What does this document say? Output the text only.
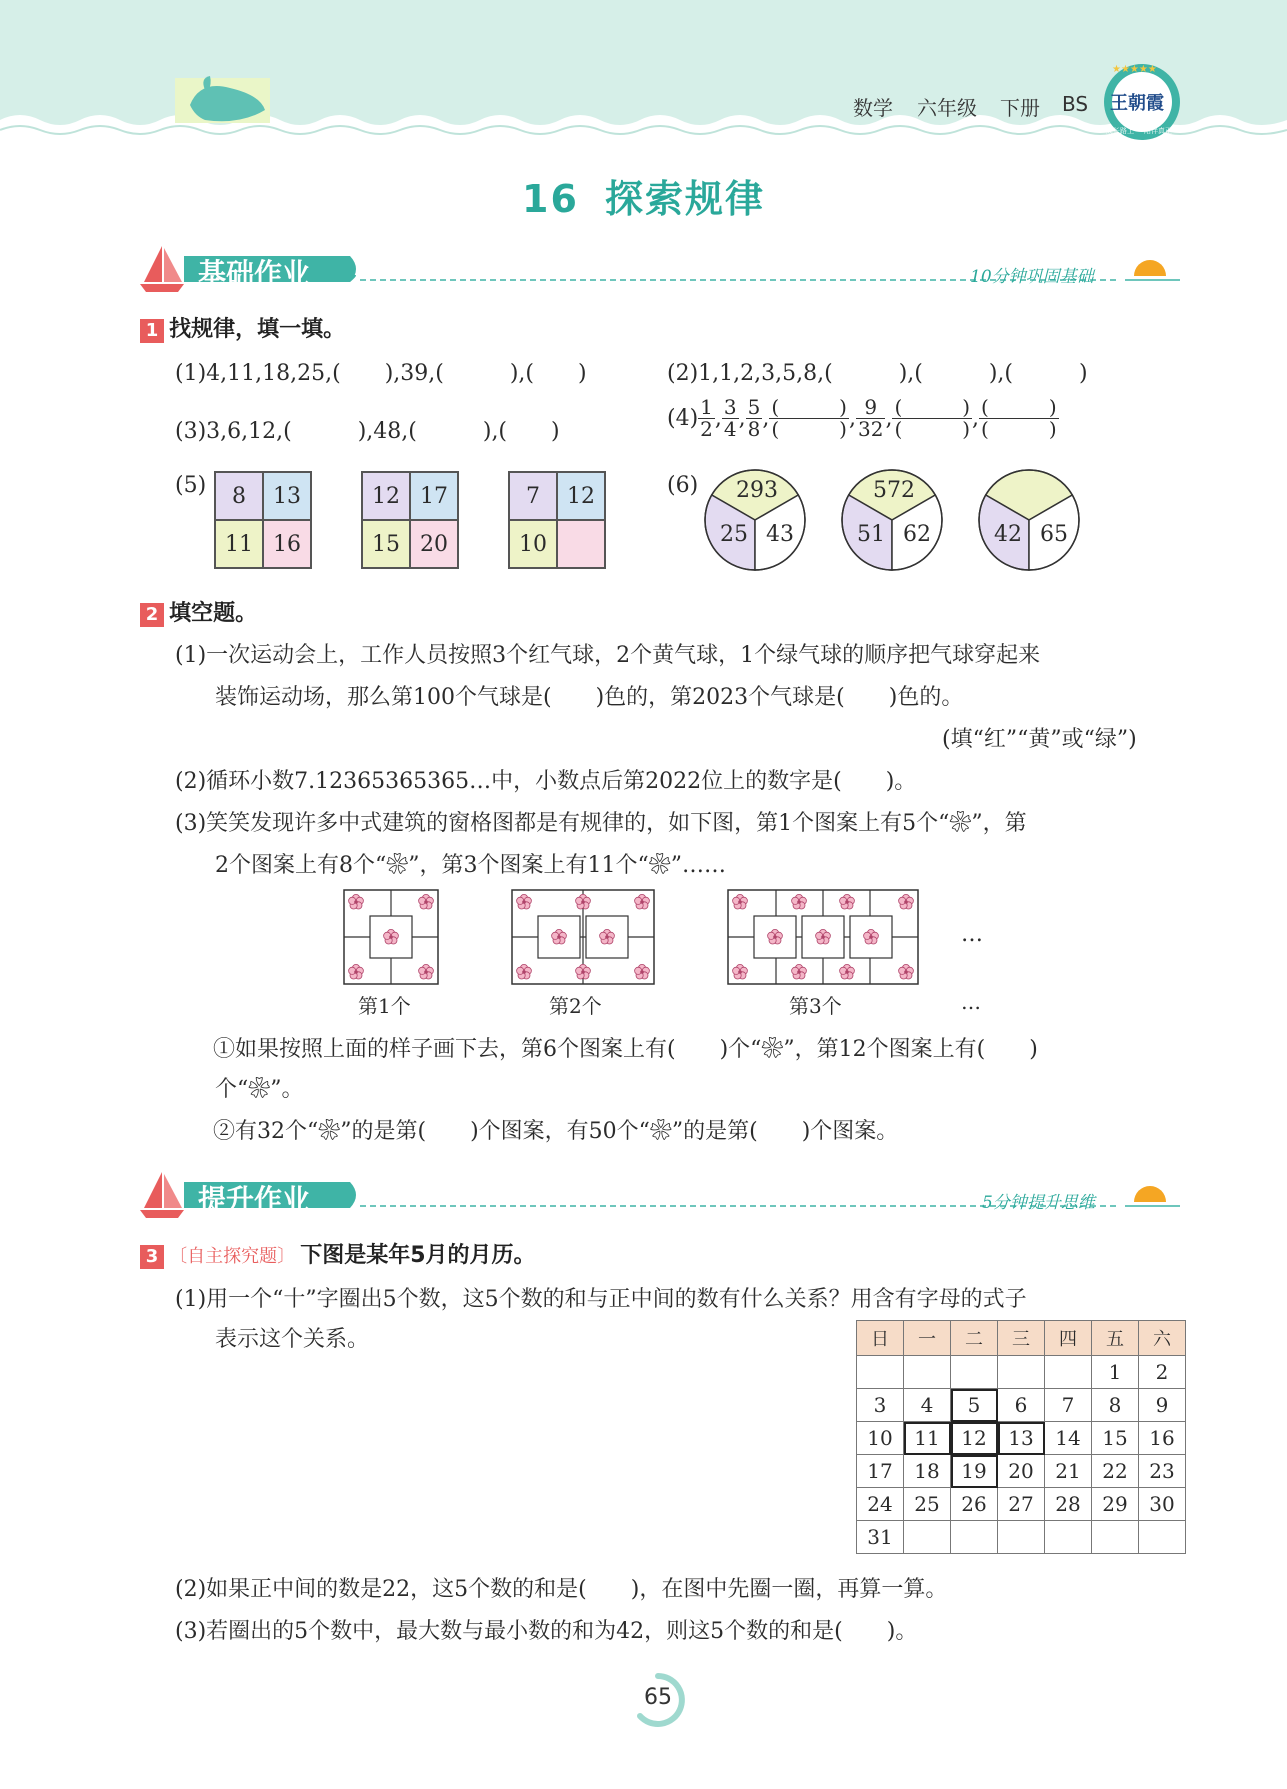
数学 六年级 下册 BS
★★★★★
王朝霞
成长路上 陪伴真正
16 探索规律
基础作业	10分钟巩固基础
1 找规律，填一填。
(1)4,11,18,25,(　　),39,(　　　),(　　)	(2)1,1,2,3,5,8,(　　　),(　　　),(　　　)
(3)3,6,12,(　　　),48,(　　　),(　　)
$(4) \frac{1}{2}$ , $\frac{3}{4}$ , $\frac{5}{8}$ , $\frac{( )}{( )}$ , $\frac{9}{32}$ , $\frac{( )}{( )}$ , $\frac{( )}{( )}$
(5)	8	13
11 16
12 17
15 20
7	12
10
(6) 293
25 43
572
51 62	42 65
2 填空题。
(1)一次运动会上，工作人员按照3个红气球，2个黄气球，1个绿气球的顺序把气球穿起来
装饰运动场，那么第100个气球是(　　)色的，第2023个气球是(　　)色的。
(填“红”“黄”或“绿”)
(2)循环小数7.12365365365…中，小数点后第2022位上的数字是(　　)。
(3)笑笑发现许多中式建筑的窗格图都是有规律的，如下图，第1个图案上有5个“❀”，第
2个图案上有8个“❀”，第3个图案上有11个“❀”……
…
第1个	第2个	第3个	…
①如果按照上面的样子画下去，第6个图案上有(　　)个“❀”，第12个图案上有(　　)
个“❀”。
②有32个“❀”的是第(　　)个图案，有50个“❀”的是第(　　)个图案。
提升作业	5分钟提升思维
3 〔自主探究题〕 下图是某年5月的月历。
(1)用一个“十”字圈出5个数，这5个数的和与正中间的数有什么关系？用含有字母的式子
表示这个关系。	日	一	二	三	四	五	六
					1	2
3	4	5	6	7	8	9
10	11	12	13	14	15	16
17	18	19	20	21	22	23
24	25	26	27	28	29	30
31						
(2)如果正中间的数是22，这5个数的和是(　　)，在图中先圈一圈，再算一算。
(3)若圈出的5个数中，最大数与最小数的和为42，则这5个数的和是(　　)。
65
